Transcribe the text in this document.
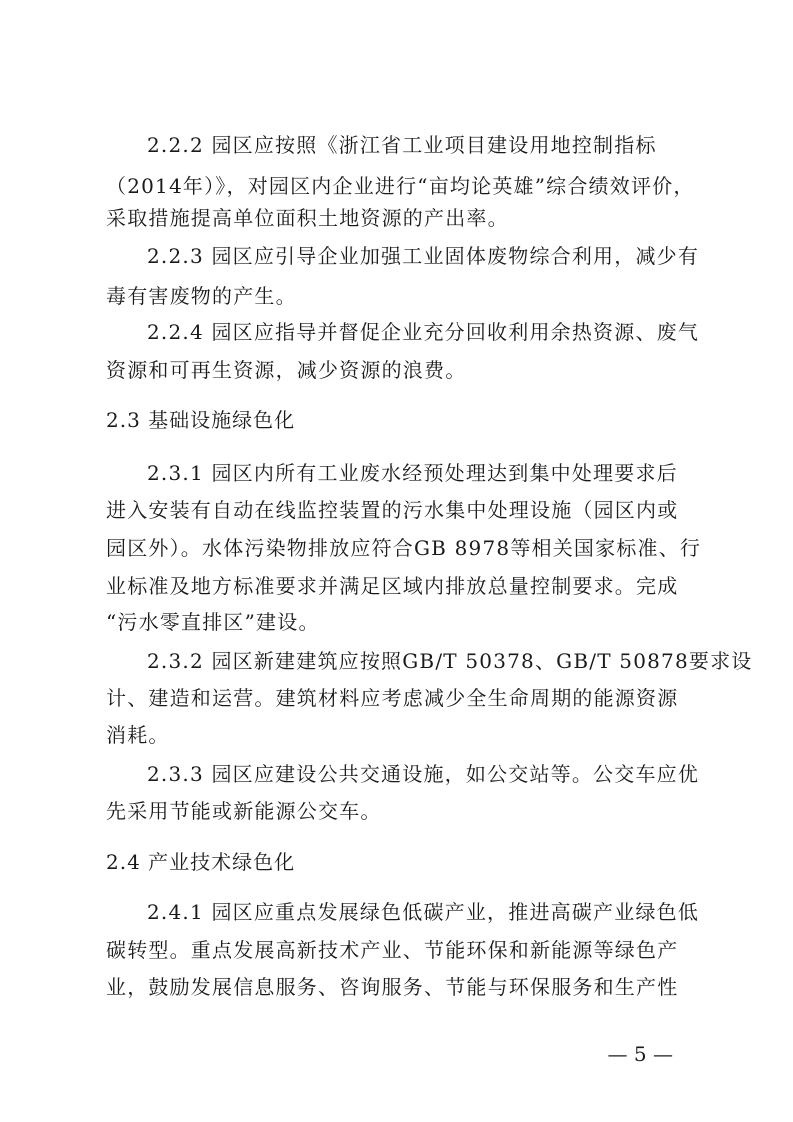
2.2.2 园区应按照《浙江省工业项目建设用地控制指标
（2014年）》，对园区内企业进行“亩均论英雄”综合绩效评价，
采取措施提高单位面积土地资源的产出率。
2.2.3 园区应引导企业加强工业固体废物综合利用，减少有
毒有害废物的产生。
2.2.4 园区应指导并督促企业充分回收利用余热资源、废气
资源和可再生资源，减少资源的浪费。
2.3 基础设施绿色化
2.3.1 园区内所有工业废水经预处理达到集中处理要求后
进入安装有自动在线监控装置的污水集中处理设施（园区内或
园区外）。水体污染物排放应符合GB 8978等相关国家标准、行
业标准及地方标准要求并满足区域内排放总量控制要求。完成
“污水零直排区”建设。
2.3.2 园区新建建筑应按照GB/T 50378、GB/T 50878要求设
计、建造和运营。建筑材料应考虑减少全生命周期的能源资源
消耗。
2.3.3 园区应建设公共交通设施，如公交站等。公交车应优
先采用节能或新能源公交车。
2.4 产业技术绿色化
2.4.1 园区应重点发展绿色低碳产业，推进高碳产业绿色低
碳转型。重点发展高新技术产业、节能环保和新能源等绿色产
业，鼓励发展信息服务、咨询服务、节能与环保服务和生产性
— 5 —
